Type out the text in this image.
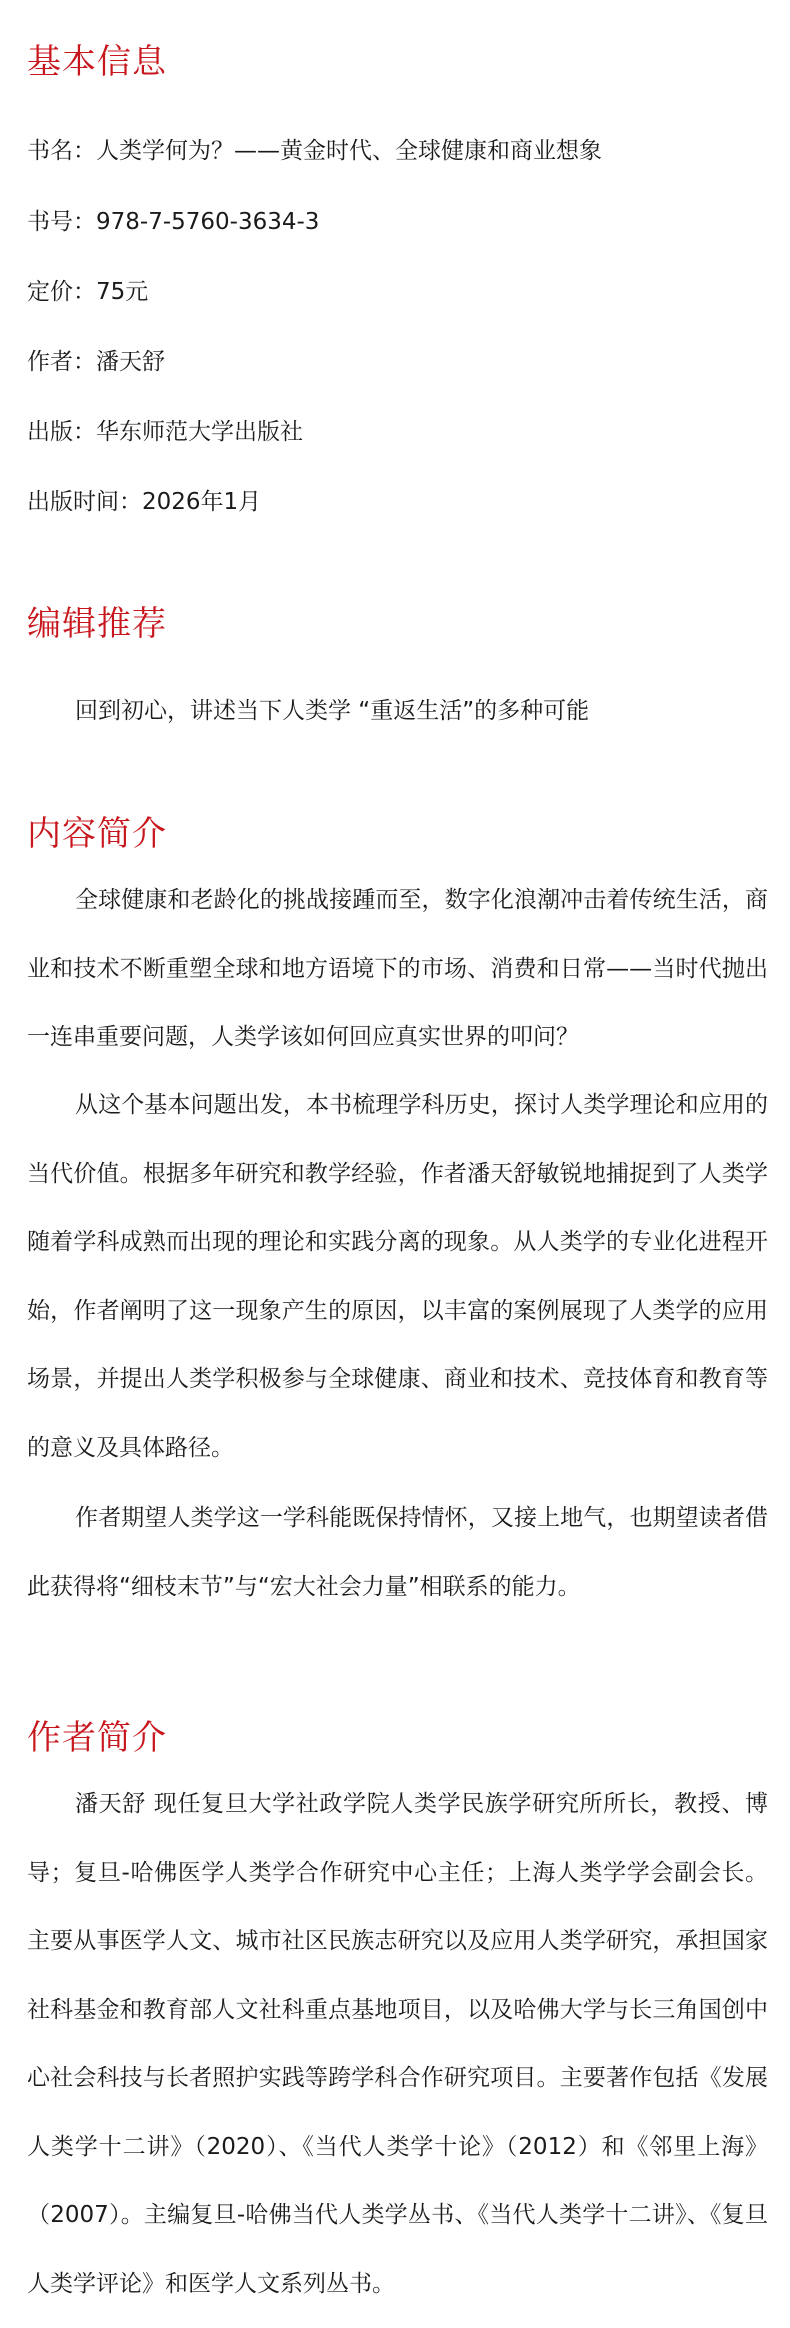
基本信息

书名：人类学何为？——黄金时代、全球健康和商业想象

书号：978-7-5760-3634-3

定价：75元

作者：潘天舒

出版：华东师范大学出版社

出版时间：2026年1月

编辑推荐

回到初心，讲述当下人类学 “重返生活”的多种可能

内容简介

全球健康和老龄化的挑战接踵而至，数字化浪潮冲击着传统生活，商业和技术不断重塑全球和地方语境下的市场、消费和日常——当时代抛出一连串重要问题，人类学该如何回应真实世界的叩问？

从这个基本问题出发，本书梳理学科历史，探讨人类学理论和应用的当代价值。根据多年研究和教学经验，作者潘天舒敏锐地捕捉到了人类学随着学科成熟而出现的理论和实践分离的现象。从人类学的专业化进程开始，作者阐明了这一现象产生的原因，以丰富的案例展现了人类学的应用场景，并提出人类学积极参与全球健康、商业和技术、竞技体育和教育等的意义及具体路径。

作者期望人类学这一学科能既保持情怀，又接上地气，也期望读者借此获得将“细枝末节”与“宏大社会力量”相联系的能力。

作者简介

潘天舒 现任复旦大学社政学院人类学民族学研究所所长，教授、博导；复旦-哈佛医学人类学合作研究中心主任；上海人类学学会副会长。主要从事医学人文、城市社区民族志研究以及应用人类学研究，承担国家社科基金和教育部人文社科重点基地项目，以及哈佛大学与长三角国创中心社会科技与长者照护实践等跨学科合作研究项目。主要著作包括《发展人类学十二讲》（2020）、《当代人类学十论》（2012）和《邻里上海》（2007）。主编复旦-哈佛当代人类学丛书、《当代人类学十二讲》、《复旦人类学评论》和医学人文系列丛书。
